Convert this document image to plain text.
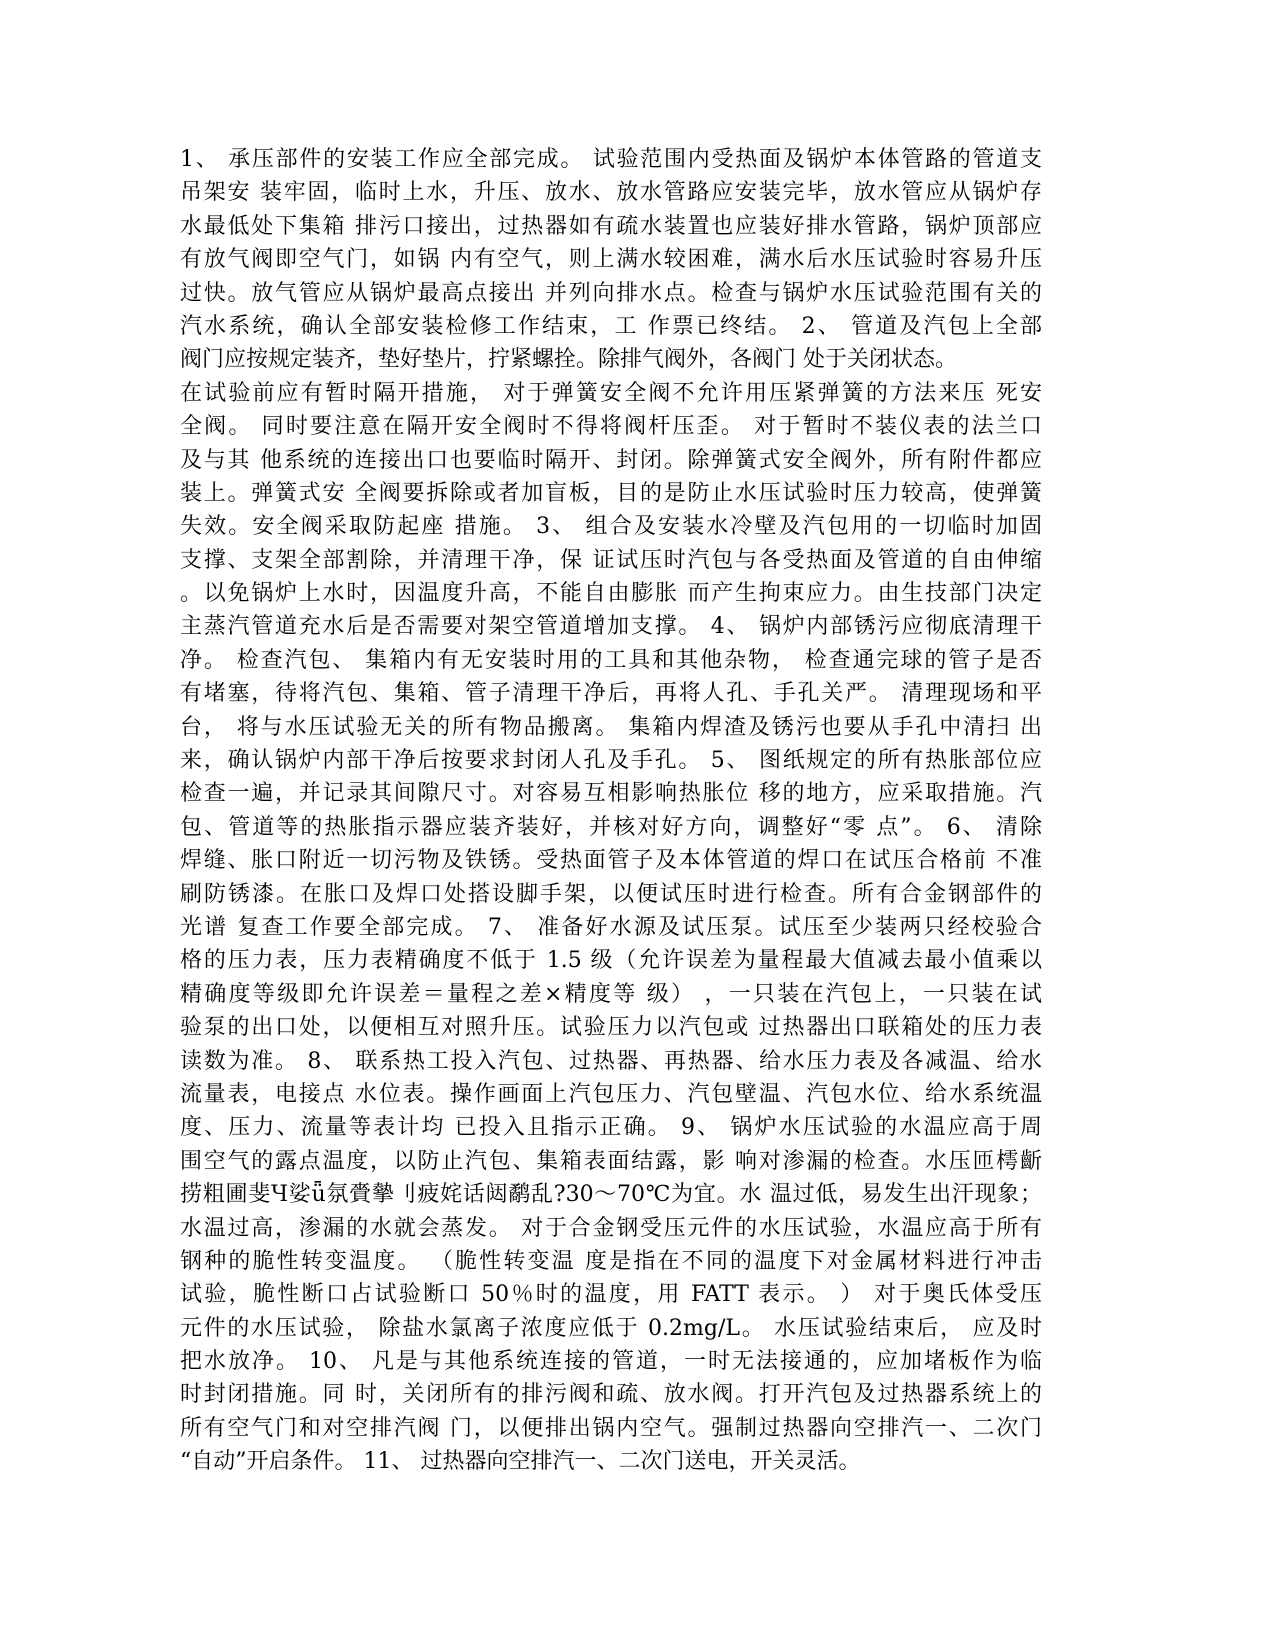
1、 承压部件的安装工作应全部完成。 试验范围内受热面及锅炉本体管路的管道支
吊架安 装牢固，临时上水，升压、放水、放水管路应安装完毕，放水管应从锅炉存
水最低处下集箱 排污口接出，过热器如有疏水装置也应装好排水管路，锅炉顶部应
有放气阀即空气门，如锅 内有空气，则上满水较困难，满水后水压试验时容易升压
过快。放气管应从锅炉最高点接出 并列向排水点。检查与锅炉水压试验范围有关的
汽水系统，确认全部安装检修工作结束，工 作票已终结。 2、 管道及汽包上全部
阀门应按规定装齐，垫好垫片，拧紧螺拴。除排气阀外，各阀门 处于关闭状态。
在试验前应有暂时隔开措施， 对于弹簧安全阀不允许用压紧弹簧的方法来压 死安
全阀。 同时要注意在隔开安全阀时不得将阀杆压歪。 对于暂时不装仪表的法兰口
及与其 他系统的连接出口也要临时隔开、封闭。除弹簧式安全阀外，所有附件都应
装上。弹簧式安 全阀要拆除或者加盲板，目的是防止水压试验时压力较高，使弹簧
失效。安全阀采取防起座 措施。 3、 组合及安装水冷壁及汽包用的一切临时加固
支撑、支架全部割除，并清理干净，保 证试压时汽包与各受热面及管道的自由伸缩
。以免锅炉上水时，因温度升高，不能自由膨胀 而产生拘束应力。由生技部门决定
主蒸汽管道充水后是否需要对架空管道增加支撑。 4、 锅炉内部锈污应彻底清理干
净。 检查汽包、 集箱内有无安装时用的工具和其他杂物， 检查通完球的管子是否
有堵塞，待将汽包、集箱、管子清理干净后，再将人孔、手孔关严。 清理现场和平
台， 将与水压试验无关的所有物品搬离。 集箱内焊渣及锈污也要从手孔中清扫 出
来，确认锅炉内部干净后按要求封闭人孔及手孔。 5、 图纸规定的所有热胀部位应
检查一遍，并记录其间隙尺寸。对容易互相影响热胀位 移的地方，应采取措施。汽
包、管道等的热胀指示器应装齐装好，并核对好方向，调整好“零 点”。 6、 清除
焊缝、胀口附近一切污物及铁锈。受热面管子及本体管道的焊口在试压合格前 不准
刷防锈漆。在胀口及焊口处搭设脚手架，以便试压时进行检查。所有合金钢部件的
光谱 复查工作要全部完成。 7、 准备好水源及试压泵。试压至少装两只经校验合
格的压力表，压力表精确度不低于 1.5 级（允许误差为量程最大值减去最小值乘以
精确度等级即允许误差＝量程之差×精度等 级） ，一只装在汽包上，一只装在试
验泵的出口处，以便相互对照升压。试验压力以汽包或 过热器出口联箱处的压力表
读数为准。 8、 联系热工投入汽包、过热器、再热器、给水压力表及各减温、给水
流量表，电接点 水位表。操作画面上汽包压力、汽包壁温、汽包水位、给水系统温
度、压力、流量等表计均 已投入且指示正确。 9、 锅炉水压试验的水温应高于周
围空气的露点温度，以防止汽包、集箱表面结露，影 响对渗漏的检查。水压匝樗齗
捞粗圃斐Ч娑ǖ氛賫摰刂疲姹话闼鹬乱?30～70℃为宜。水 温过低，易发生出汗现象；
水温过高，渗漏的水就会蒸发。 对于合金钢受压元件的水压试验，水温应高于所有
钢种的脆性转变温度。 （脆性转变温 度是指在不同的温度下对金属材料进行冲击
试验，脆性断口占试验断口 50％时的温度，用 FATT 表示。 ） 对于奥氏体受压
元件的水压试验， 除盐水氯离子浓度应低于 0.2mg/L。 水压试验结束后， 应及时
把水放净。 10、 凡是与其他系统连接的管道，一时无法接通的，应加堵板作为临
时封闭措施。同 时，关闭所有的排污阀和疏、放水阀。打开汽包及过热器系统上的
所有空气门和对空排汽阀 门，以便排出锅内空气。强制过热器向空排汽一、二次门
“自动”开启条件。 11、 过热器向空排汽一、二次门送电，开关灵活。
